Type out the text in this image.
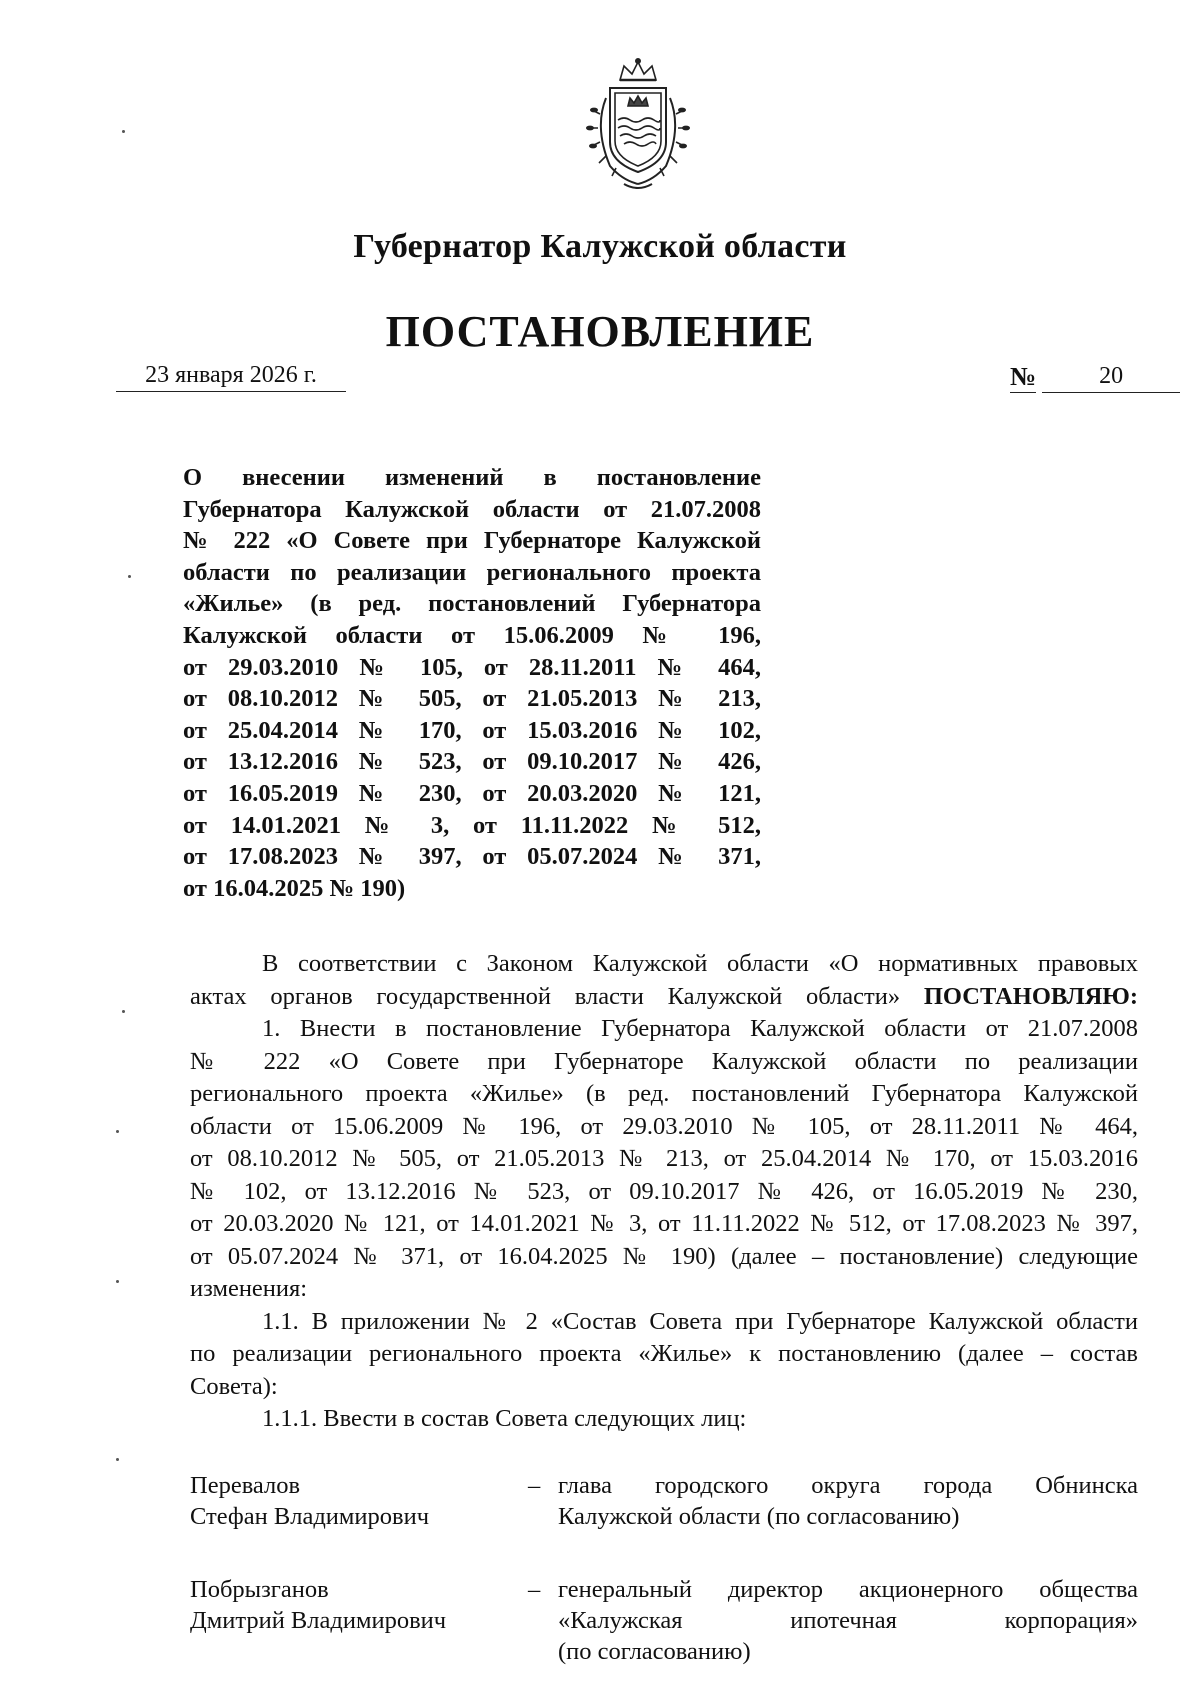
Губернатор Калужской области
ПОСТАНОВЛЕНИЕ
23 января 2026 г.	№	20
О внесении изменений в постановление
Губернатора Калужской области от 21.07.2008
№ 222 «О Совете при Губернаторе Калужской
области по реализации регионального проекта
«Жилье» (в ред. постановлений Губернатора
Калужской области от 15.06.2009 № 196,
от 29.03.2010 № 105, от 28.11.2011 № 464,
от 08.10.2012 № 505, от 21.05.2013 № 213,
от 25.04.2014 № 170, от 15.03.2016 № 102,
от 13.12.2016 № 523, от 09.10.2017 № 426,
от 16.05.2019 № 230, от 20.03.2020 № 121,
от 14.01.2021 № 3, от 11.11.2022 № 512,
от 17.08.2023 № 397, от 05.07.2024 № 371,
от 16.04.2025 № 190)
В соответствии с Законом Калужской области «О нормативных правовых
актах органов государственной власти Калужской области» ПОСТАНОВЛЯЮ:
1. Внести в постановление Губернатора Калужской области от 21.07.2008
№ 222 «О Совете при Губернаторе Калужской области по реализации
регионального проекта «Жилье» (в ред. постановлений Губернатора Калужской
области от 15.06.2009 № 196, от 29.03.2010 № 105, от 28.11.2011 № 464,
от 08.10.2012 № 505, от 21.05.2013 № 213, от 25.04.2014 № 170, от 15.03.2016
№ 102, от 13.12.2016 № 523, от 09.10.2017 № 426, от 16.05.2019 № 230,
от 20.03.2020 № 121, от 14.01.2021 № 3, от 11.11.2022 № 512, от 17.08.2023 № 397,
от 05.07.2024 № 371, от 16.04.2025 № 190) (далее – постановление) следующие
изменения:
1.1. В приложении № 2 «Состав Совета при Губернаторе Калужской области
по реализации регионального проекта «Жилье» к постановлению (далее – состав
Совета):
1.1.1. Ввести в состав Совета следующих лиц:
Перевалов
Стефан Владимирович
– глава городского округа города Обнинска
Калужской области (по согласованию)
Побрызганов
Дмитрий Владимирович
– генеральный директор акционерного общества
«Калужская ипотечная корпорация»
(по согласованию)
